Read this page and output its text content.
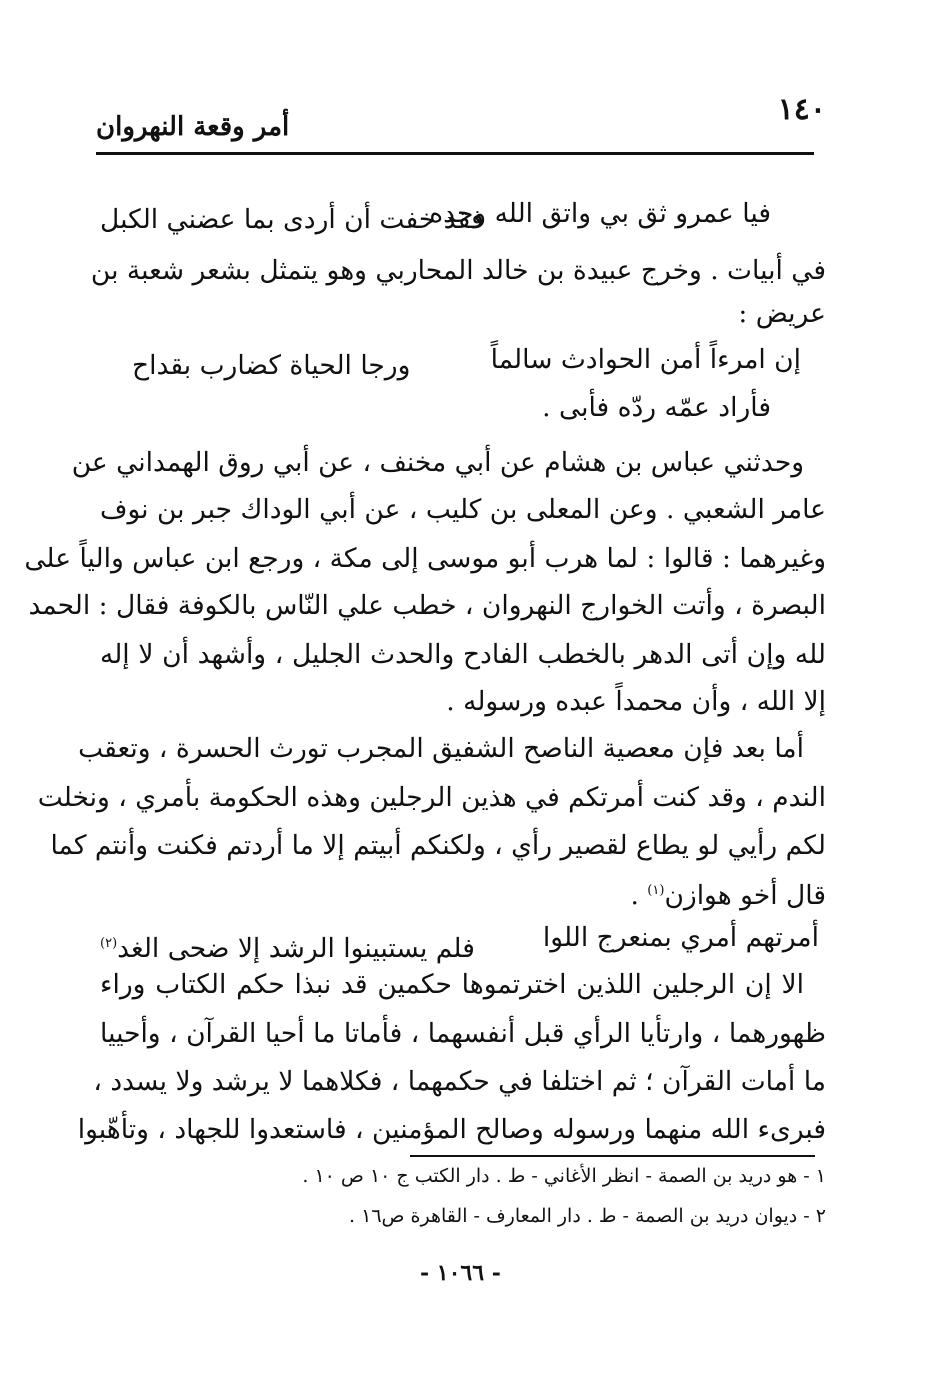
١٤٠
أمر وقعة النهروان
فيا عمرو ثق بي واتق الله وحده
فقد خفت أن أردى بما عضني الكبل
في أبيات . وخرج عبيدة بن خالد المحاربي وهو يتمثل بشعر شعبة بن
عريض :
إن امرءاً أمن الحوادث سالماً
ورجا الحياة كضارب بقداح
فأراد عمّه ردّه فأبى .
وحدثني عباس بن هشام عن أبي مخنف ، عن أبي روق الهمداني عن
عامر الشعبي . وعن المعلى بن كليب ، عن أبي الوداك جبر بن نوف
وغيرهما : قالوا : لما هرب أبو موسى إلى مكة ، ورجع ابن عباس والياً على
البصرة ، وأتت الخوارج النهروان ، خطب علي النّاس بالكوفة فقال : الحمد
لله وإن أتى الدهر بالخطب الفادح والحدث الجليل ، وأشهد أن لا إله
إلا الله ، وأن محمداً عبده ورسوله .
أما بعد فإن معصية الناصح الشفيق المجرب تورث الحسرة ، وتعقب
الندم ، وقد كنت أمرتكم في هذين الرجلين وهذه الحكومة بأمري ، ونخلت
لكم رأيي لو يطاع لقصير رأي ، ولكنكم أبيتم إلا ما أردتم فكنت وأنتم كما
قال أخو هوازن$^{(١)}$ .
أمرتهم أمري بمنعرج اللوا
فلم يستبينوا الرشد إلا ضحى الغد$^{(٢)}$
الا إن الرجلين اللذين اخترتموها حكمين قد نبذا حكم الكتاب وراء
ظهورهما ، وارتأيا الرأي قبل أنفسهما ، فأماتا ما أحيا القرآن ، وأحييا
ما أمات القرآن ؛ ثم اختلفا في حكمهما ، فكلاهما لا يرشد ولا يسدد ،
فبرىء الله منهما ورسوله وصالح المؤمنين ، فاستعدوا للجهاد ، وتأهّبوا
١ - هو دريد بن الصمة - انظر الأغاني - ط . دار الكتب ج ١٠ ص ١٠ .
٢ - ديوان دريد بن الصمة - ط . دار المعارف - القاهرة ص١٦ .
- ١٠٦٦ -
